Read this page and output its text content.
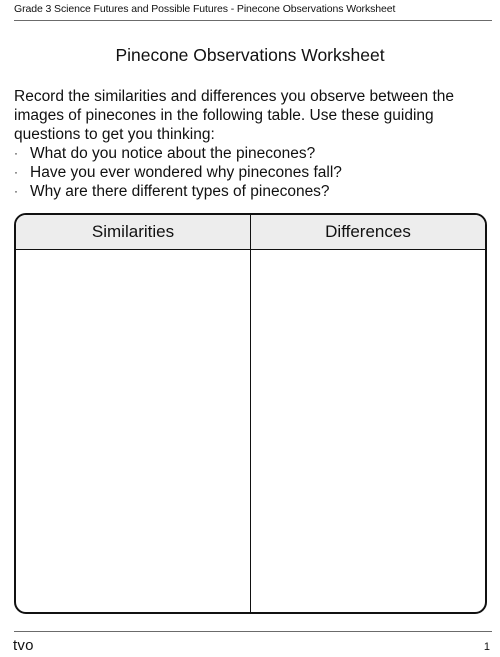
Grade 3 Science Futures and Possible Futures - Pinecone Observations Worksheet
Pinecone Observations Worksheet

Record the similarities and differences you observe between the images of pinecones in the following table. Use these guiding questions to get you thinking:

· What do you notice about the pinecones?
· Have you ever wondered why pinecones fall?
· Why are there different types of pinecones?
Similarities	Differences
tvo	1
